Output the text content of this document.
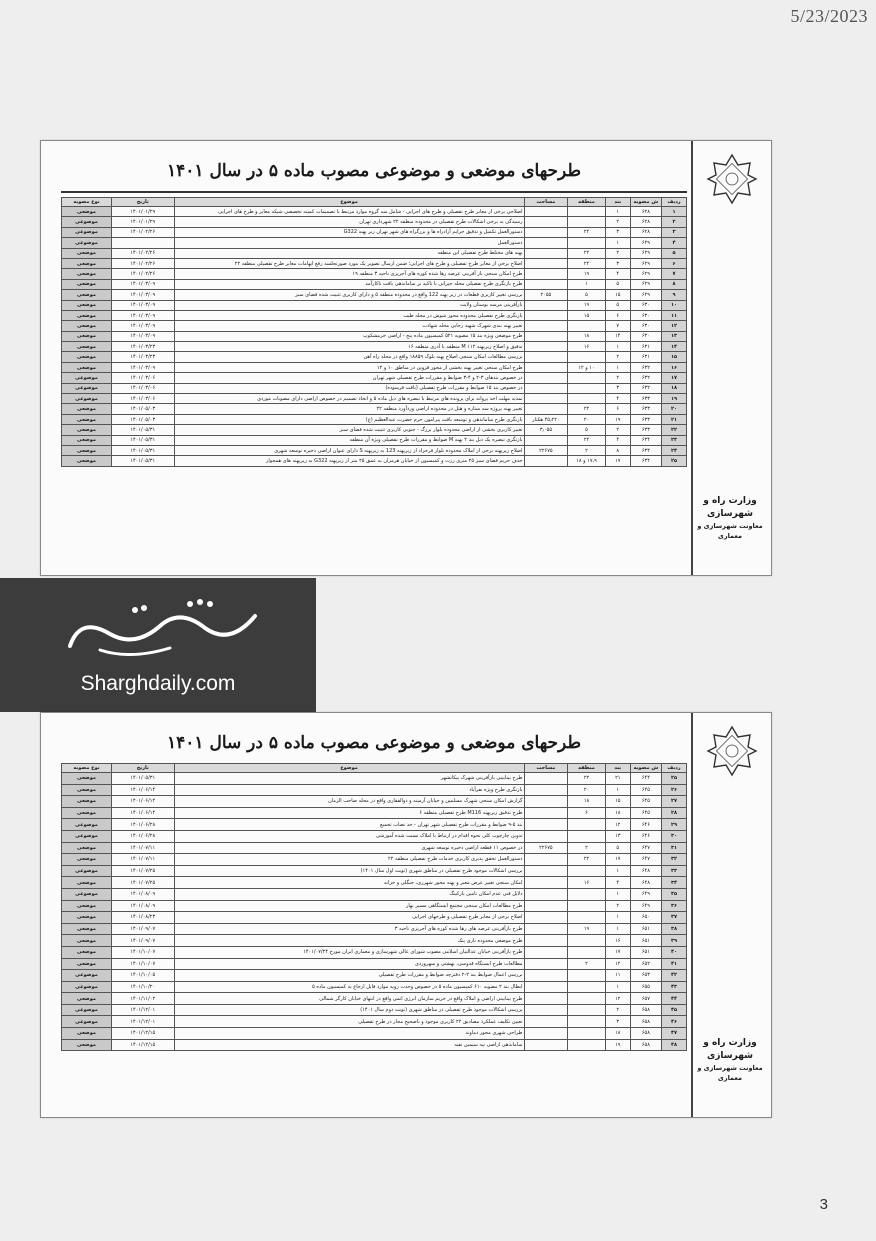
5/23/2023
طرحهای موضعی و موضوعی مصوب ماده ۵ در سال ۱۴۰۱
ردیف	ش مصوبه	بند	منطقه	مساحت	موضوع	تاریخ	نوع مصوبه
۱	۶۲۸	۱			اصلاحی برخی از معابر طرح تفصیلی و طرح های اجرایی - شامل سه گروه موارد مرتبط با تصمیمات کمیته تخصصی شبکه معابر و طرح های اجرایی	۱۴۰۱/۰۱/۲۹	موضعی
۲	۶۲۸	۲			رسیدگی به برخی اشکالات طرح تفصیلی در محدوده منطقه ۲۲ شهرداری تهران	۱۴۰۱/۰۱/۲۹	موضوعی
۳	۶۲۸	۳	۲۲		دستورالعمل تکمیل و تدقیق حرایم آزادراه ها و بزرگراه های شهر تهران زیر پهنه G322	۱۴۰۱/۰۲/۲۶	موضوعی
۴	۶۲۹	۱			دستورالعمل		موضوعی
۵	۶۲۹	۲	۲۲		پهنه های مختلط طرح تفصیلی این منطقه	۱۴۰۱/۰۲/۲۶	موضعی
۶	۶۲۹	۳	۲۲		اصلاح برخی از معابر طرح تفصیلی و طرح های اجرایی؛ ضمن ارسال تصویر یک مورد صورتجلسه رفع ابهامات معابر طرح تفصیلی منطقه ۲۲	۱۴۰۱/۰۲/۲۶	موضعی
۷	۶۲۹	۴	۱۹		طرح امکان سنجی باز آفرینی عرصه رها شده کوره های آجرپزی ناحیه ۳ منطقه ۱۹	۱۴۰۱/۰۲/۲۶	موضعی
۸	۶۲۹	۵	۱		طرح بازنگری طرح تفصیلی محله جیرانی با تاکید بر ساماندهی بافت ناکارآمد	۱۴۰۱/۰۳/۰۹	موضعی
۹	۶۲۹	۱۵	۵	۲۰۵۵	بررسی تغییر کاربری قطعات در زیر پهنه 122 واقع در محدوده منطقه ۵ و دارای کاربری تثبیت شده فضای سبز	۱۴۰۱/۰۳/۰۹	موضعی
۱۰	۶۳۰	۵	۱۹		بازآفرینی مرسه بوستان ولایت	۱۴۰۱/۰۳/۰۹	موضعی
۱۱	۶۳۰	۶	۱۵		بازنگری طرح تفصیلی محدوده محور شوش در محله طیب	۱۴۰۱/۰۳/۰۹	موضعی
۱۲	۶۳۰	۷			تغییر پهنه بندی شهرک شهید رجایی محله شهادت	۱۴۰۱/۰۳/۰۹	موضعی
۱۳	۶۳۰	۱۴	۱۸		طرح موضعی ویژه بند ۱۵ مصوبه ۵۲۱ کمیسیون ماده پنج - اراضی خرمشکوپ	۱۴۰۱/۰۳/۰۹	موضعی
۱۴	۶۳۱	۱	۱۶		تدقیق و اصلاح زیرپهنه ۱۱۲ M منطقه یا آذری منطقه ۱۶	۱۴۰۱/۰۳/۲۳	موضعی
۱۵	۶۳۱	۲			بررسی مطالعات امکان سنجی اصلاح پهنه بلوک ۱۸۸۵۹ واقع در محله راه آهن	۱۴۰۱/۰۳/۲۳	موضعی
۱۶	۶۳۲	۱	۱۰ و ۱۲		طرح امکان سنجی تغییر پهنه بخشی از محور قزوین در مناطق ۱۰ و ۱۲	۱۴۰۱/۰۳/۰۹	موضعی
۱۷	۶۳۲	۲			در خصوص بندهای ۳-۲ و ۴-۳ ضوابط و مقررات طرح تفصیلی شهر تهران	۱۴۰۱/۰۳/۰۶	موضوعی
۱۸	۶۳۲	۳			در خصوص بند ۱۵ ضوابط و مقررات طرح تفصیلی (بافت فرسوده)	۱۴۰۱/۰۳/۰۶	موضوعی
۱۹	۶۳۳	۴			تمدید مهلت اخذ پروانه برای پرونده های مرتبط با تبصره های ذیل ماده ۵ و اتخاذ تصمیم در خصوص اراضی دارای مصوبات موردی	۱۴۰۱/۰۳/۰۶	موضوعی
۲۰	۶۳۳	۶	۲۲		تغییر پهنه پروژه سه ستاره و هتل در محدوده اراضی وردآورد منطقه ۲۲	۱۴۰۱/۰۵/۰۳	موضعی
۲۱	۶۳۳	۱۹	۲۰	۴۵٫۲۲۰ هکتار	بازنگری طرح ساماندهی و توسعه بافت پیرامون حرم حضرت عبدالعظیم (ع)	۱۴۰۱/۰۵/۰۳	موضعی
۲۲	۶۳۳	۲	۵	۳٫۰۵۵	تغییر کاربری بخشی از اراضی محدوده بلوار برزگ - جنوبی کاربری تثبیت شده فضای سبز	۱۴۰۱/۰۵/۳۱	موضعی
۲۳	۶۳۴	۴	۲۲		بازنگری تبصره یک ذیل بند ۲ پهنه M ضوابط و مقررات طرح تفصیلی ویژه آن منطقه	۱۴۰۱/۰۵/۳۱	موضعی
۲۴	۶۳۴	۸	۲	۲۲۶۷۵	اصلاح زیرپهنه برخی از املاک محدوده بلوار فرحزاد از زیرپهنه 123 به زیرپهنه S دارای عنوان اراضی ذخیره توسعه شهری	۱۴۰۱/۰۵/۳۱	موضعی
۲۵	۶۳۴	۱۷	۱۷،۹ و ۱۸		حذف حریم فضای سبز ۲۵ متری رزت و کمیسیون از خیابان هرمزان به عمق ۲۵ متر از زیرپهنه G322 به زیرپهنه های همجوار	۱۴۰۱/۰۵/۳۱	موضعی
وزارت راه و شهرسازی
معاونت شهرسازی و معماری
Sharghdaily.com
طرحهای موضعی و موضوعی مصوب ماده ۵ در سال ۱۴۰۱
ردیف	ش مصوبه	بند	منطقه	مساحت	موضوع	تاریخ	نوع مصوبه
۲۵	۶۴۴	۲۱	۲۲		طرح بینابینی بازآفرینی شهرک پیکانشهر	۱۴۰۱/۰۵/۳۱	موضعی
۲۶	۶۴۵	۱	۲۰		بازنگری طرح ویژه نفرآباد	۱۴۰۱/۰۶/۱۴	موضعی
۲۷	۶۴۵	۱۵	۱۸		گزارش امکان سنجی شهرک مسلمین و خیابان آرمینه و ذوالفقاری واقع در محله صاحب الزمان	۱۴۰۱/۰۶/۱۴	موضعی
۲۸	۶۴۵	۱۸	۶		طرح تدقیق زیرپهنه M116 طرح تفصیلی منطقه ۶	۱۴۰۱/۰۶/۱۴	موضعی
۲۹	۶۴۶	۱۲			بند ۵-۹ ضوابط و مقررات طرح تفصیلی شهر تهران - حد نصاب تجمیع	۱۴۰۱/۰۶/۲۸	موضوعی
۳۰	۶۴۶	۱۳			تدوین چارچوب کلی نحوه اقدام در ارتباط با املاک نسبت شده آموزشی	۱۴۰۱/۰۶/۲۸	موضوعی
۳۱	۶۴۷	۵	۲	۲۲۶۷۵	در خصوص ۱۱ قطعه اراضی ذخیره توسعه شهری	۱۴۰۱/۰۷/۱۱	موضعی
۳۲	۶۴۷	۱۷	۲۲		دستورالعمل تحقق پذیری کاربری خدمات طرح تفصیلی منطقه ۲۲	۱۴۰۱/۰۷/۱۱	موضعی
۳۳	۶۴۸	۱			بررسی اشکالات موجود طرح تفصیلی در مناطق شهری (نوبت اول سال ۱۴۰۱)	۱۴۰۱/۰۷/۲۵	موضوعی
۳۴	۶۴۸	۴	۱۶		امکان سنجی تغییر عرض معبر و پهنه محور شهرری، جنگلی و خزانه	۱۴۰۱/۰۷/۲۵	موضعی
۳۵	۶۴۹	۱			دلایل فنی عدم امکان تامین پارکینگ	۱۴۰۱/۰۸/۰۹	موضوعی
۳۶	۶۴۹	۲			طرح مطالعات امکان سنجی مجتمع ایستگاهی مسیر بهار	۱۴۰۱/۰۸/۰۹	موضعی
۳۷	۶۵۰	۱			اصلاح برخی از معابر طرح تفصیلی و طرحهای اجرایی	۱۴۰۱/۰۸/۲۳	موضعی
۳۸	۶۵۱	۱	۱۹		طرح بازآفرینی عرصه های رها شده کوره های آجرپزی ناحیه ۳	۱۴۰۱/۰۹/۰۷	موضعی
۳۹	۶۵۱	۱۶			طرح موضعی محدوده نازی پنک	۱۴۰۱/۰۹/۰۷	موضعی
۴۰	۶۵۱	۱۷			طرح بازآفرینی خیابان عدالتیان اسلامی مصوب شورای عالی شهرسازی و معماری ایران مورخ ۱۴۰۱/۰۷/۲۴	۱۴۰۱/۱۰/۰۷	موضعی
۴۱	۶۵۲	۱۲	۲		مطالعات طرح ایستگاه قدوسی، بهشتی و سهروردی	۱۴۰۱/۱۰/۰۷	موضعی
۴۲	۶۵۳	۱۱			بررسی اعمال ضوابط بند ۲-۲ دفترچه ضوابط و مقررات طرح تفصیلی	۱۴۰۱/۱۰/۰۵	موضوعی
۴۳	۶۵۵	۱			ابطال بند ۲ مصوبه ۶۱۰ کمیسیون ماده ۵ در خصوص وحدت رویه موارد قابل ارجاع به کمیسیون ماده ۵	۱۴۰۱/۱۰/۲۰	موضوعی
۴۴	۶۵۷	۱۲			طرح بینابینی اراضی و املاک واقع در حریم سازمان انرژی اتمی واقع در انتهای خیابان کارگر شمالی	۱۴۰۱/۱۱/۰۲	موضعی
۴۵	۶۵۸	۲			بررسی اشکالات موجود طرح تفصیلی در مناطق شهری (نوبت دوم سال ۱۴۰۱)	۱۴۰۱/۱۲/۰۱	موضوعی
۴۶	۶۵۸	۳			تعیین تکلیف عملکرد مصادیق ۲۲ کاربری موجود و ناصحیح مجاز در طرح تفصیلی	۱۴۰۱/۱۲/۰۱	موضوعی
۴۷	۶۵۸	۱۸			طراحی شهری محور دماوند	۱۴۰۱/۱۲/۱۵	موضعی
۴۸	۶۵۸	۱۹			ساماندهی اراضی تپه سیمین تقیه	۱۴۰۱/۱۲/۱۵	موضعی	وزارت راه و شهرسازی
معاونت شهرسازی و معماری
3
